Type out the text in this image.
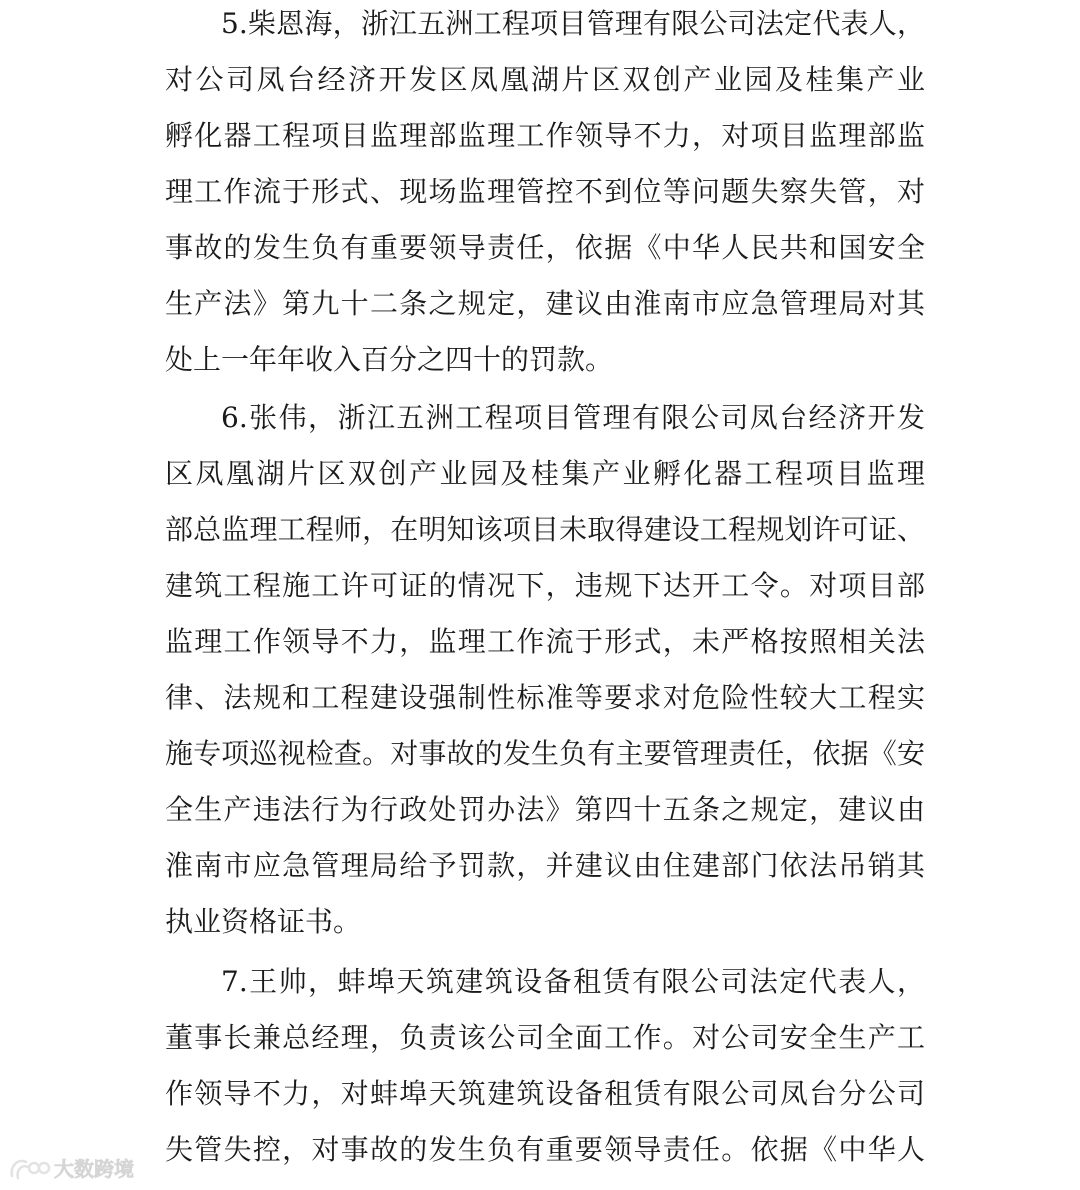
5.柴恩海，浙江五洲工程项目管理有限公司法定代表人，

对公司凤台经济开发区凤凰湖片区双创产业园及桂集产业

孵化器工程项目监理部监理工作领导不力，对项目监理部监

理工作流于形式、现场监理管控不到位等问题失察失管，对

事故的发生负有重要领导责任，依据《中华人民共和国安全

生产法》第九十二条之规定，建议由淮南市应急管理局对其

处上一年年收入百分之四十的罚款。

6.张伟，浙江五洲工程项目管理有限公司凤台经济开发

区凤凰湖片区双创产业园及桂集产业孵化器工程项目监理

部总监理工程师，在明知该项目未取得建设工程规划许可证、

建筑工程施工许可证的情况下，违规下达开工令。对项目部

监理工作领导不力，监理工作流于形式，未严格按照相关法

律、法规和工程建设强制性标准等要求对危险性较大工程实

施专项巡视检查。对事故的发生负有主要管理责任，依据《安

全生产违法行为行政处罚办法》第四十五条之规定，建议由

淮南市应急管理局给予罚款，并建议由住建部门依法吊销其

执业资格证书。

7.王帅，蚌埠天筑建筑设备租赁有限公司法定代表人，

董事长兼总经理，负责该公司全面工作。对公司安全生产工

作领导不力，对蚌埠天筑建筑设备租赁有限公司凤台分公司

失管失控，对事故的发生负有重要领导责任。依据《中华人

大数跨境
